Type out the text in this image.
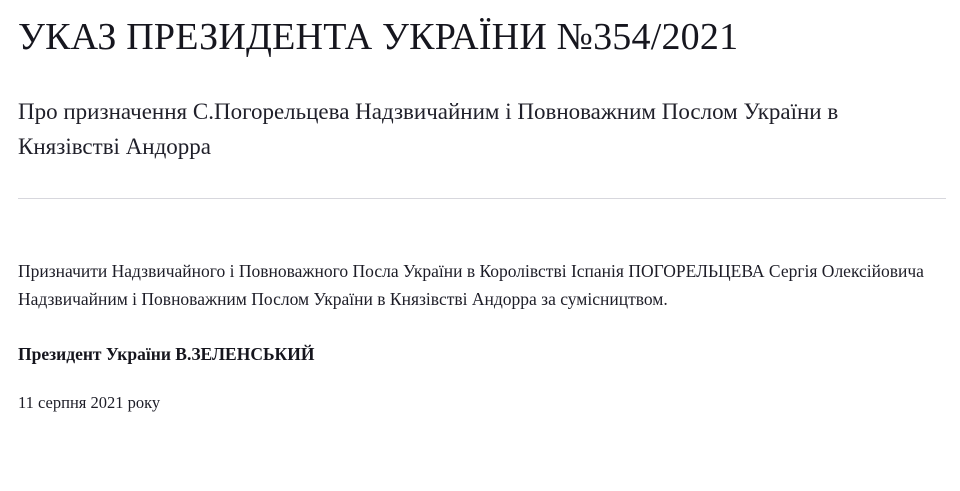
УКАЗ ПРЕЗИДЕНТА УКРАЇНИ №354/2021
Про призначення С.Погорельцева Надзвичайним і Повноважним Послом України в Князівстві Андорра

Призначити Надзвичайного і Повноважного Посла України в Королівстві Іспанія ПОГОРЕЛЬЦЕВА Сергія Олексійовича Надзвичайним і Повноважним Послом України в Князівстві Андорра за сумісництвом.

Президент України В.ЗЕЛЕНСЬКИЙ

11 серпня 2021 року
